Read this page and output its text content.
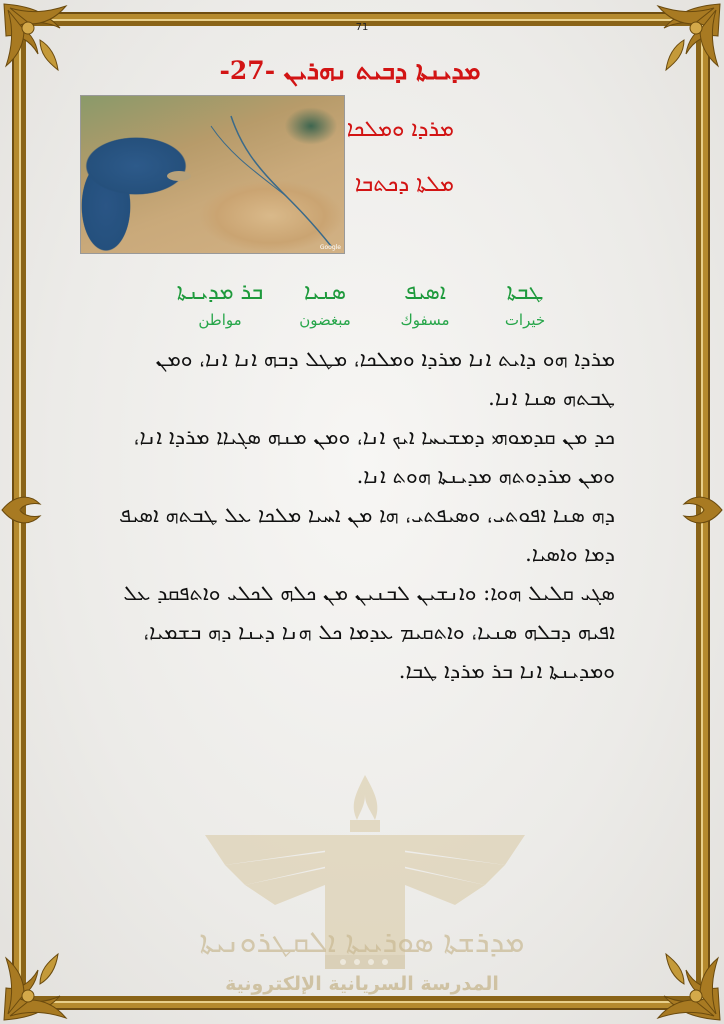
71
ܡܕܝܢܬܐ ܕܒܝܬ ܢܗܪܝܢ -27-
Google
ܡܪܕܐ ܘܡܠܟܐ
ܡܠܬܐ ܕܟܬܒܐ
ܛܒܬܐ
خيرات
ܐܣܝܦ
مسفوك
ܣܢܝܐ
مبغضون
ܒܪ ܡܕܝܢܬܐ
مواطن

ܡܪܕܐ ܗܘ ܕܐܝܬ ܐܢܐ ܡܪܕܐ ܘܡܠܟܐ، ܡܛܠ ܕܒܗ ܐܢܐ ܐܢܐ، ܘܡܢ ܛܒܬܗ ܣܢܐ ܐܢܐ.

ܟܕ ܡܢ ܩܕܡܘܗܝ ܕܡܫܝܚܐ ܐܝܟ ܐܢܐ، ܘܡܢ ܡܢܗ ܣܓܝܐܐ ܡܪܕܐ ܐܢܐ، ܘܡܢ ܡܪܕܘܬܗ ܡܕܝܢܬܐ ܗܘܬ ܐܢܐ.

ܕܗ ܣܢܐ ܐܦܘܬܝ، ܘܣܝܦܬܝ، ܗܐ ܡܢ ܐܚܝܐ ܡܠܟܐ ܥܠ ܛܒܬܗ ܐܣܝܦ ܕܡܐ ܘܐܣܝܐ.

ܣܓܝ ܩܠܝܠ ܗܘܐ: ܘܐܢܫܝܢ ܠܒܢܝܢ ܡܢ ܟܠܗ ܠܟܠܝ ܘܐܬܦܩܕ ܥܠ ܐܦܝܗ ܕܒܠܗ ܣܢܝܐ، ܘܐܬܩܝܡ ܥܕܡܐ ܟܠ ܗܢܐ ܕܝܢܐ ܕܗ ܒܫܡܝܐ، ܘܡܕܝܢܬܐ ܐܢܐ ܒܪ ܡܪܕܐ ܛܒܐ.

ܡܕܪܫܬܐ ܣܘܪܝܝܬܐ ܐܠܩܛܪܘܢܝܬܐ
المدرسة السريانية الإلكترونية
